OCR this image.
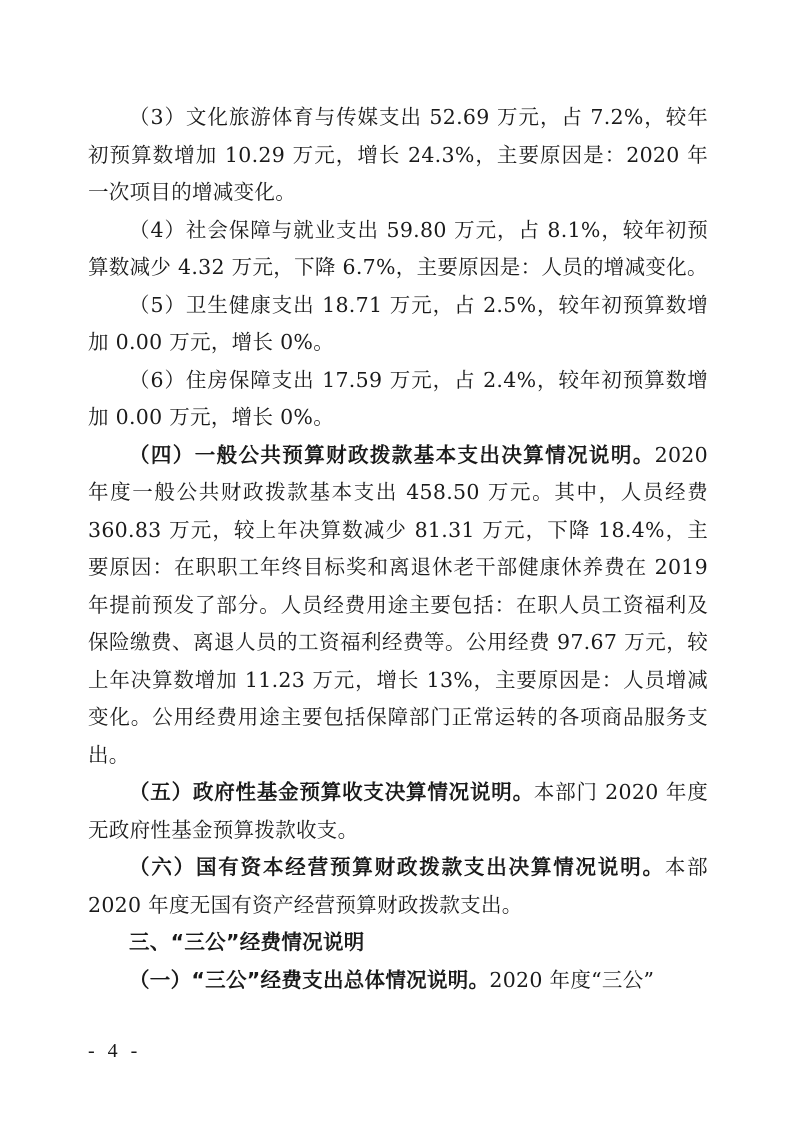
（3）文化旅游体育与传媒支出 52.69 万元，占 7.2%，较年初预算数增加 10.29 万元，增长 24.3%，主要原因是：2020 年一次项目的增减变化。

（4）社会保障与就业支出 59.80 万元，占 8.1%，较年初预算数减少 4.32 万元，下降 6.7%，主要原因是：人员的增减变化。

（5）卫生健康支出 18.71 万元，占 2.5%，较年初预算数增加 0.00 万元，增长 0%。

（6）住房保障支出 17.59 万元，占 2.4%，较年初预算数增加 0.00 万元，增长 0%。

（四）一般公共预算财政拨款基本支出决算情况说明。2020 年度一般公共财政拨款基本支出 458.50 万元。其中，人员经费 360.83 万元，较上年决算数减少 81.31 万元，下降 18.4%，主要原因：在职职工年终目标奖和离退休老干部健康休养费在 2019 年提前预发了部分。人员经费用途主要包括：在职人员工资福利及保险缴费、离退人员的工资福利经费等。公用经费 97.67 万元，较上年决算数增加 11.23 万元，增长 13%，主要原因是：人员增减变化。公用经费用途主要包括保障部门正常运转的各项商品服务支出。

（五）政府性基金预算收支决算情况说明。本部门 2020 年度无政府性基金预算拨款收支。

（六）国有资本经营预算财政拨款支出决算情况说明。本部 2020 年度无国有资产经营预算财政拨款支出。

三、“三公”经费情况说明

（一）“三公”经费支出总体情况说明。2020 年度“三公”

- 4 -
